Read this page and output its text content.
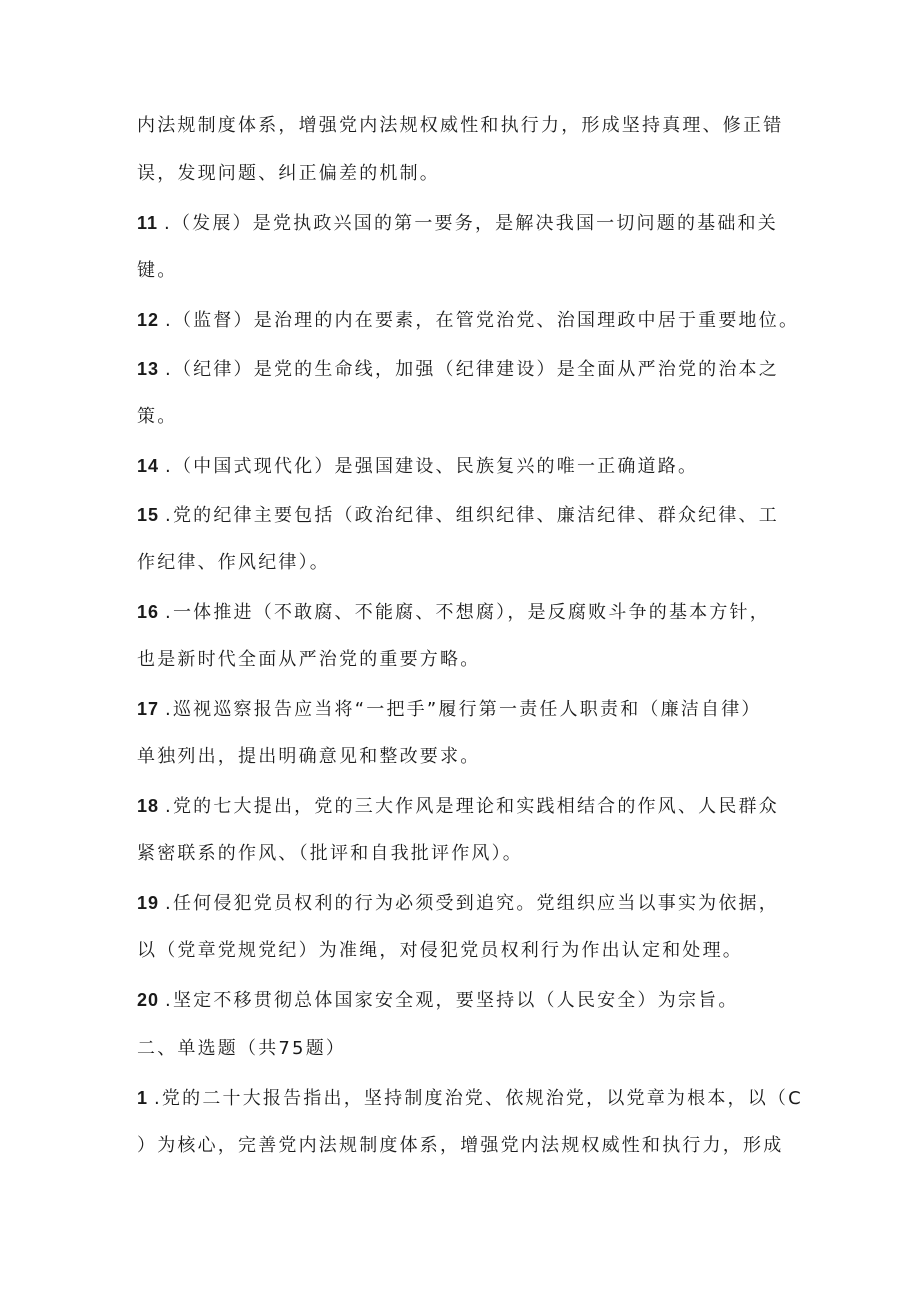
内法规制度体系，增强党内法规权威性和执行力，形成坚持真理、修正错

误，发现问题、纠正偏差的机制。

11 .（发展）是党执政兴国的第一要务，是解决我国一切问题的基础和关

键。

12 .（监督）是治理的内在要素，在管党治党、治国理政中居于重要地位。

13 .（纪律）是党的生命线，加强（纪律建设）是全面从严治党的治本之

策。

14 .（中国式现代化）是强国建设、民族复兴的唯一正确道路。

15 .党的纪律主要包括（政治纪律、组织纪律、廉洁纪律、群众纪律、工

作纪律、作风纪律）。

16 .一体推进（不敢腐、不能腐、不想腐），是反腐败斗争的基本方针，

也是新时代全面从严治党的重要方略。

17 .巡视巡察报告应当将“一把手”履行第一责任人职责和（廉洁自律）

单独列出，提出明确意见和整改要求。

18 .党的七大提出，党的三大作风是理论和实践相结合的作风、人民群众

紧密联系的作风、（批评和自我批评作风）。

19 .任何侵犯党员权利的行为必须受到追究。党组织应当以事实为依据，

以（党章党规党纪）为准绳，对侵犯党员权利行为作出认定和处理。

20 .坚定不移贯彻总体国家安全观，要坚持以（人民安全）为宗旨。

二、单选题（共75题）

1 .党的二十大报告指出，坚持制度治党、依规治党，以党章为根本，以（C

）为核心，完善党内法规制度体系，增强党内法规权威性和执行力，形成
